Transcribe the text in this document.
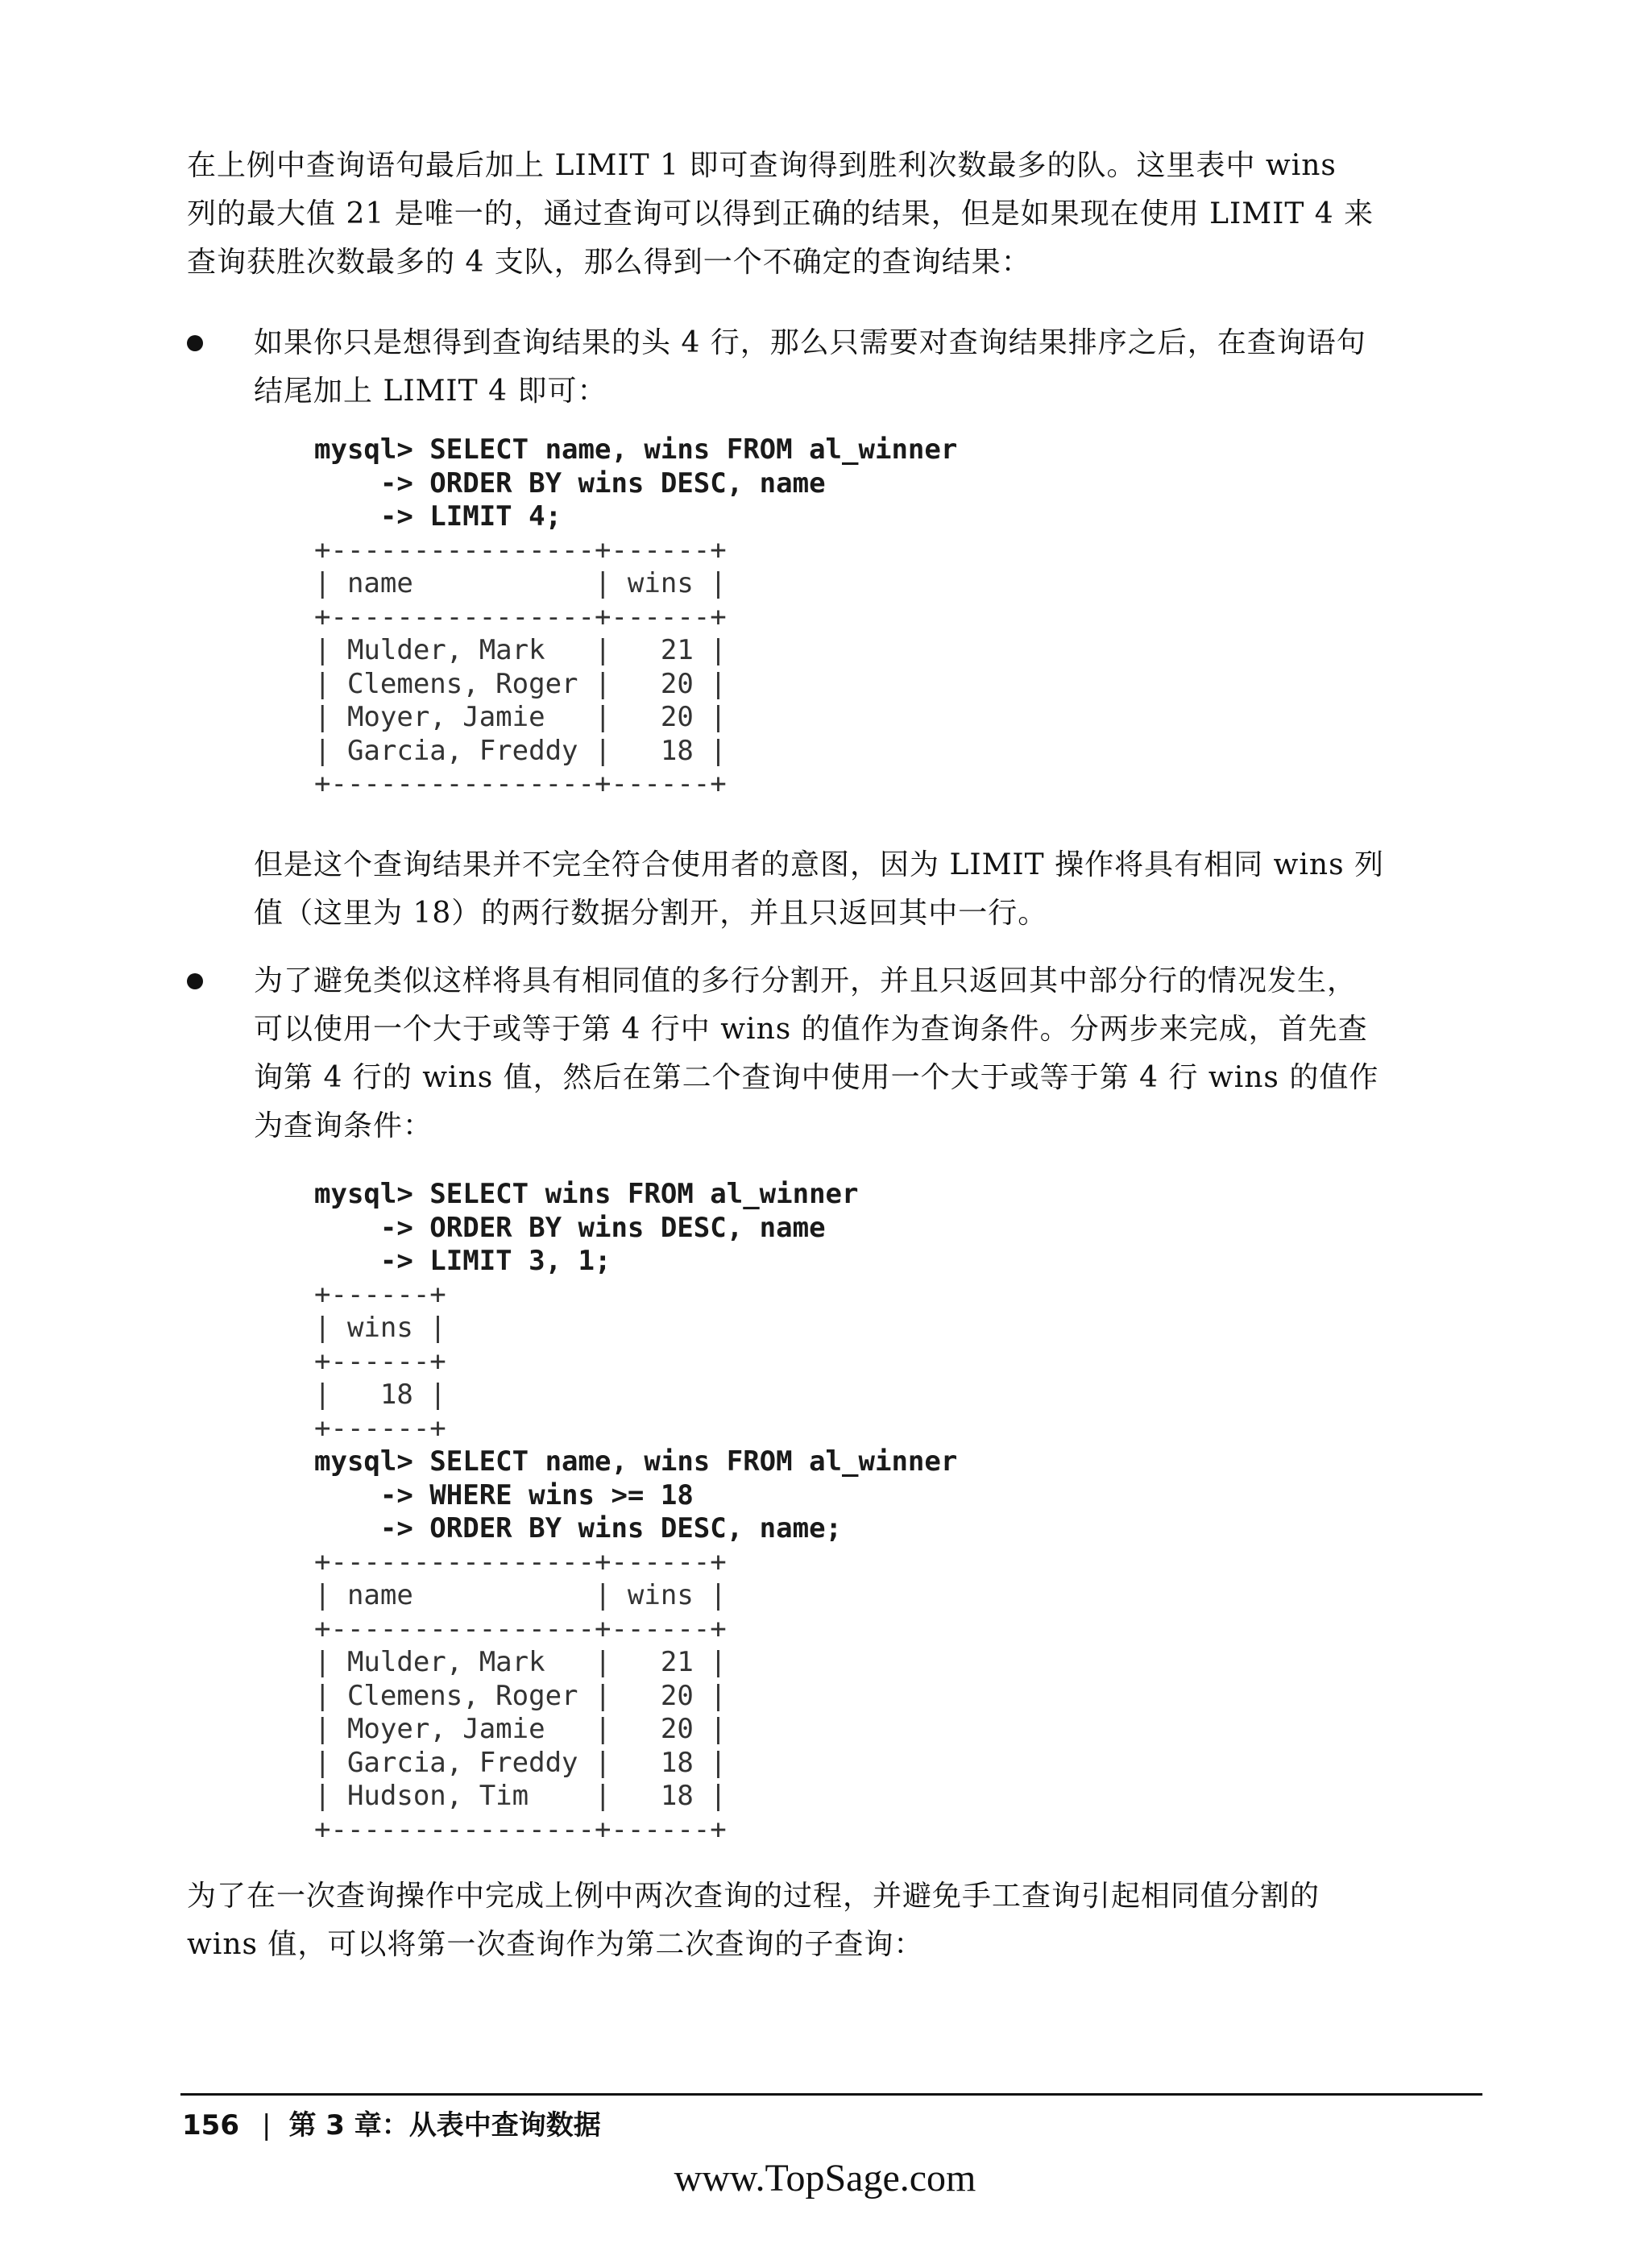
在上例中查询语句最后加上 LIMIT 1 即可查询得到胜利次数最多的队。这里表中 wins
列的最大值 21 是唯一的，通过查询可以得到正确的结果，但是如果现在使用 LIMIT 4 来
查询获胜次数最多的 4 支队，那么得到一个不确定的查询结果：
如果你只是想得到查询结果的头 4 行，那么只需要对查询结果排序之后，在查询语句
结尾加上 LIMIT 4 即可：
mysql> SELECT name, wins FROM al_winner
-> ORDER BY wins DESC, name
-> LIMIT 4;
+----------------+------+
| name           | wins |
+----------------+------+
| Mulder, Mark   |   21 |
| Clemens, Roger |   20 |
| Moyer, Jamie   |   20 |
| Garcia, Freddy |   18 |
+----------------+------+
但是这个查询结果并不完全符合使用者的意图，因为 LIMIT 操作将具有相同 wins 列
值（这里为 18）的两行数据分割开，并且只返回其中一行。
为了避免类似这样将具有相同值的多行分割开，并且只返回其中部分行的情况发生，
可以使用一个大于或等于第 4 行中 wins 的值作为查询条件。分两步来完成，首先查
询第 4 行的 wins 值，然后在第二个查询中使用一个大于或等于第 4 行 wins 的值作
为查询条件：
mysql> SELECT wins FROM al_winner
-> ORDER BY wins DESC, name
-> LIMIT 3, 1;
+------+
| wins |
+------+
|   18 |
+------+
mysql> SELECT name, wins FROM al_winner
-> WHERE wins >= 18
-> ORDER BY wins DESC, name;
+----------------+------+
| name           | wins |
+----------------+------+
| Mulder, Mark   |   21 |
| Clemens, Roger |   20 |
| Moyer, Jamie   |   20 |
| Garcia, Freddy |   18 |
| Hudson, Tim    |   18 |
+----------------+------+
为了在一次查询操作中完成上例中两次查询的过程，并避免手工查询引起相同值分割的
wins 值，可以将第一次查询作为第二次查询的子查询：
156 | 第 3 章：从表中查询数据
www.TopSage.com
